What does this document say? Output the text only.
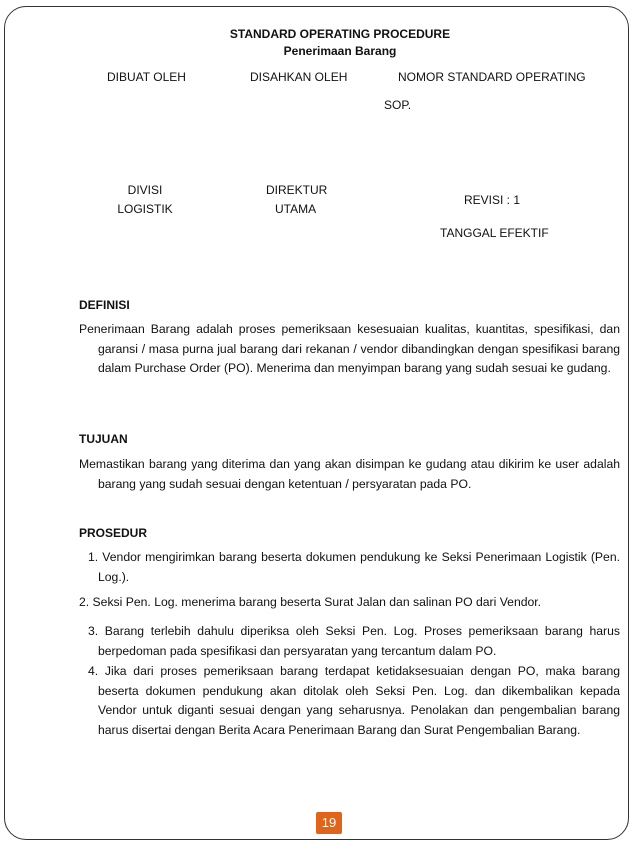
STANDARD OPERATING PROCEDURE
Penerimaan Barang
DIBUAT OLEH	DISAHKAN OLEH	NOMOR STANDARD OPERATING
SOP.
DIVISI
LOGISTIK
DIREKTUR
UTAMA
REVISI : 1
TANGGAL EFEKTIF
DEFINISI
Penerimaan Barang adalah proses pemeriksaan kesesuaian kualitas, kuantitas, spesifikasi, dan garansi / masa purna jual barang dari rekanan / vendor dibandingkan dengan spesifikasi barang dalam Purchase Order (PO). Menerima dan menyimpan barang yang sudah sesuai ke gudang.
TUJUAN
Memastikan barang yang diterima dan yang akan disimpan ke gudang atau dikirim ke user adalah barang yang sudah sesuai dengan ketentuan / persyaratan pada PO.
PROSEDUR
1. Vendor mengirimkan barang beserta dokumen pendukung ke Seksi Penerimaan Logistik (Pen. Log.).
2. Seksi Pen. Log. menerima barang beserta Surat Jalan dan salinan PO dari Vendor.
3. Barang terlebih dahulu diperiksa oleh Seksi Pen. Log. Proses pemeriksaan barang harus berpedoman pada spesifikasi dan persyaratan yang tercantum dalam PO.
4. Jika dari proses pemeriksaan barang terdapat ketidaksesuaian dengan PO, maka barang beserta dokumen pendukung akan ditolak oleh Seksi Pen. Log. dan dikembalikan kepada Vendor untuk diganti sesuai dengan yang seharusnya. Penolakan dan pengembalian barang harus disertai dengan Berita Acara Penerimaan Barang dan Surat Pengembalian Barang.
19
